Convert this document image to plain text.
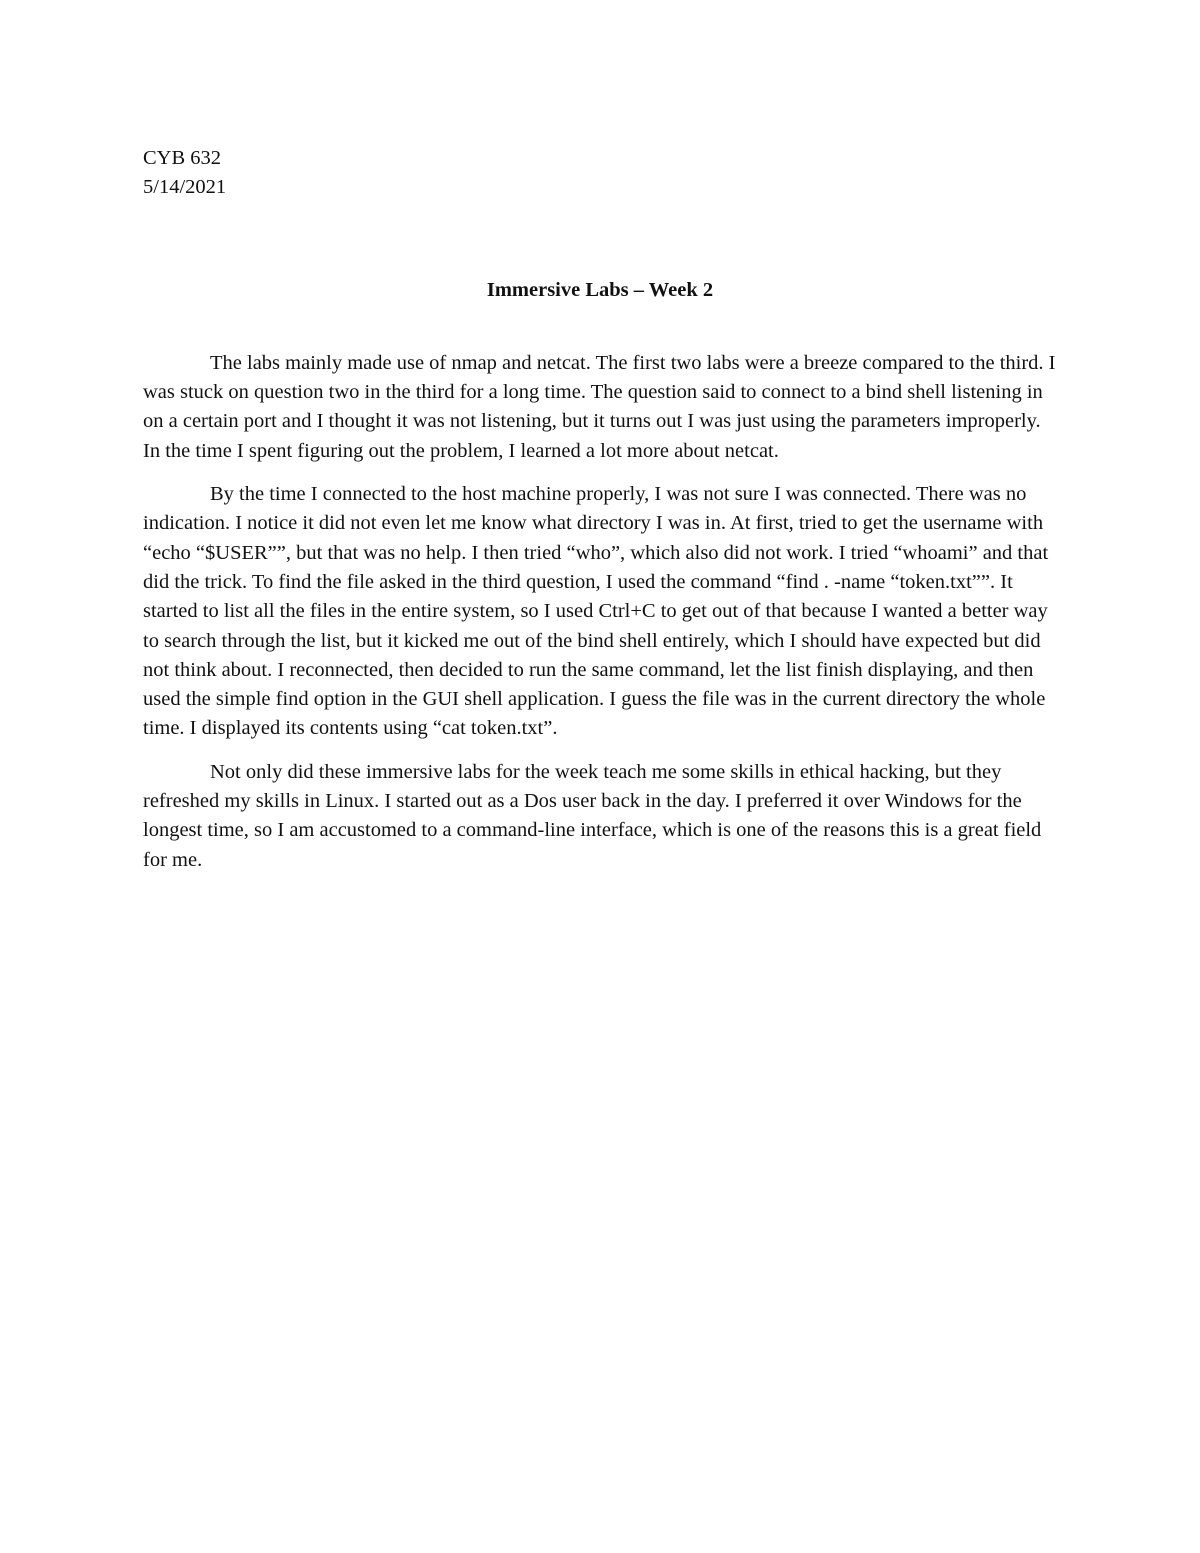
CYB 632

5/14/2021

Immersive Labs – Week 2

The labs mainly made use of nmap and netcat. The first two labs were a breeze compared to the third. I was stuck on question two in the third for a long time. The question said to connect to a bind shell listening in on a certain port and I thought it was not listening, but it turns out I was just using the parameters improperly. In the time I spent figuring out the problem, I learned a lot more about netcat.

By the time I connected to the host machine properly, I was not sure I was connected. There was no indication. I notice it did not even let me know what directory I was in. At first, tried to get the username with “echo “$USER””, but that was no help. I then tried “who”, which also did not work. I tried “whoami” and that did the trick. To find the file asked in the third question, I used the command “find . -name “token.txt””. It started to list all the files in the entire system, so I used Ctrl+C to get out of that because I wanted a better way to search through the list, but it kicked me out of the bind shell entirely, which I should have expected but did not think about. I reconnected, then decided to run the same command, let the list finish displaying, and then used the simple find option in the GUI shell application. I guess the file was in the current directory the whole time. I displayed its contents using “cat token.txt”.

Not only did these immersive labs for the week teach me some skills in ethical hacking, but they refreshed my skills in Linux. I started out as a Dos user back in the day. I preferred it over Windows for the longest time, so I am accustomed to a command-line interface, which is one of the reasons this is a great field for me.
